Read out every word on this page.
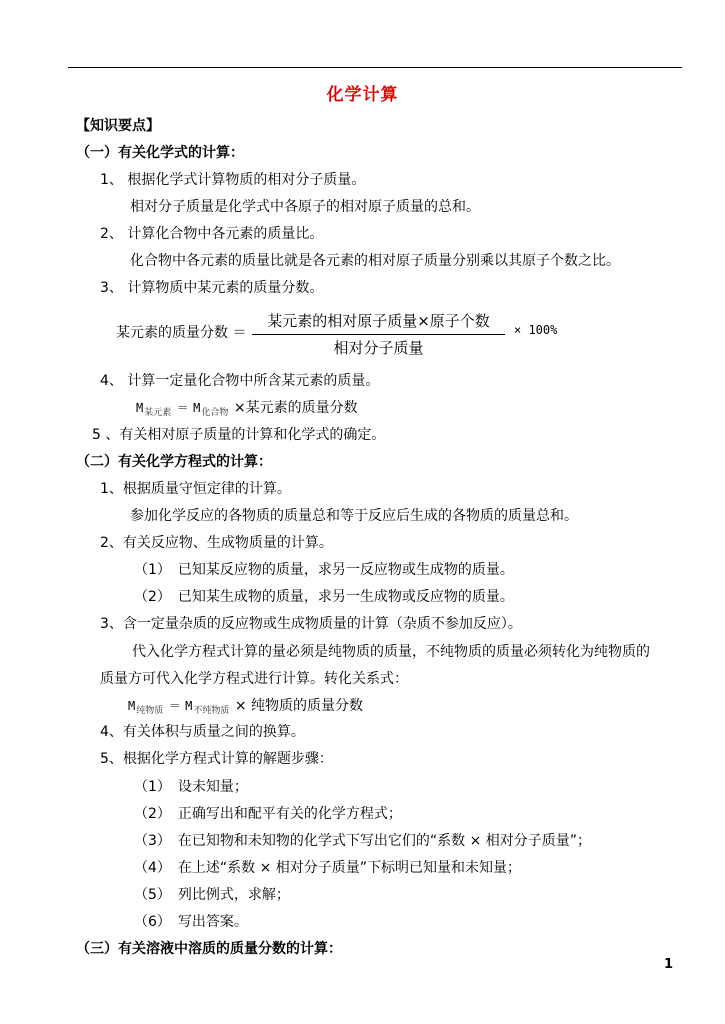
化学计算
【知识要点】
（一）有关化学式的计算：
1、 根据化学式计算物质的相对分子质量。
相对分子质量是化学式中各原子的相对原子质量的总和。
2、 计算化合物中各元素的质量比。
化合物中各元素的质量比就是各元素的相对原子质量分别乘以其原子个数之比。
3、 计算物质中某元素的质量分数。
某元素的质量分数 ＝
某元素的相对原子质量×原子个数
相对分子质量
× 100%
4、 计算一定量化合物中所含某元素的质量。
$M_{某元素} = M_{化合物}$ ×某元素的质量分数
5 、有关相对原子质量的计算和化学式的确定。
（二）有关化学方程式的计算：
1、根据质量守恒定律的计算。
参加化学反应的各物质的质量总和等于反应后生成的各物质的质量总和。
2、有关反应物、生成物质量的计算。
（1）　已知某反应物的质量，求另一反应物或生成物的质量。
（2）　已知某生成物的质量，求另一生成物或反应物的质量。
3、含一定量杂质的反应物或生成物质量的计算（杂质不参加反应）。
代入化学方程式计算的量必须是纯物质的质量，不纯物质的质量必须转化为纯物质的
质量方可代入化学方程式进行计算。转化关系式：
$M_{纯物质} = M_{不纯物质}$ × 纯物质的质量分数
4、有关体积与质量之间的换算。
5、根据化学方程式计算的解题步骤：
（1）　设未知量；
（2）　正确写出和配平有关的化学方程式；
（3）　在已知物和未知物的化学式下写出它们的“系数 × 相对分子质量”；
（4）　在上述“系数 × 相对分子质量”下标明已知量和未知量；
（5）　列比例式，求解；
（6）　写出答案。
（三）有关溶液中溶质的质量分数的计算：
1
